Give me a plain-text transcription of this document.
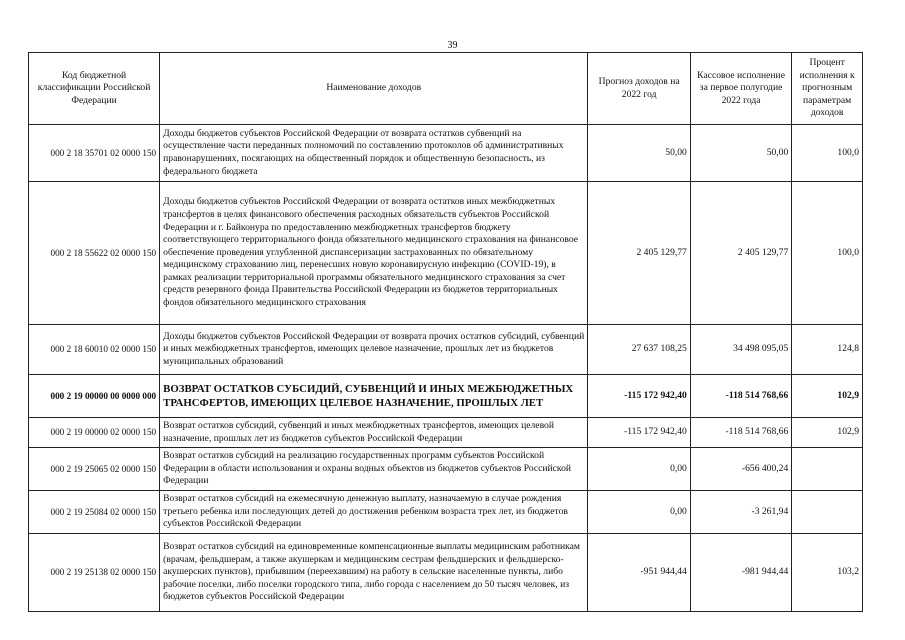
39
Код бюджетной классификации Российской Федерации	Наименование доходов	Прогноз доходов на 2022 год	Кассовое исполнение за первое полугодие 2022 года	Процент исполнения к прогнозным параметрам доходов
000 2 18 35701 02 0000 150	Доходы бюджетов субъектов Российской Федерации от возврата остатков субвенций на осуществление части переданных полномочий по составлению протоколов об административных правонарушениях, посягающих на общественный порядок и общественную безопасность, из федерального бюджета	50,00	50,00	100,0
000 2 18 55622 02 0000 150	Доходы бюджетов субъектов Российской Федерации от возврата остатков иных межбюджетных трансфертов в целях финансового обеспечения расходных обязательств субъектов Российской Федерации и г. Байконура по предоставлению межбюджетных трансфертов бюджету соответствующего территориального фонда обязательного медицинского страхования на финансовое обеспечение проведения углубленной диспансеризации застрахованных по обязательному медицинскому страхованию лиц, перенесших новую коронавирусную инфекцию (COVID-19), в рамках реализации территориальной программы обязательного медицинского страхования за счет средств резервного фонда Правительства Российской Федерации из бюджетов территориальных фондов обязательного медицинского страхования	2 405 129,77	2 405 129,77	100,0
000 2 18 60010 02 0000 150	Доходы бюджетов субъектов Российской Федерации от возврата прочих остатков субсидий, субвенций и иных межбюджетных трансфертов, имеющих целевое назначение, прошлых лет из бюджетов муниципальных образований	27 637 108,25	34 498 095,05	124,8
000 2 19 00000 00 0000 000	ВОЗВРАТ ОСТАТКОВ СУБСИДИЙ, СУБВЕНЦИЙ И ИНЫХ МЕЖБЮДЖЕТНЫХ ТРАНСФЕРТОВ, ИМЕЮЩИХ ЦЕЛЕВОЕ НАЗНАЧЕНИЕ, ПРОШЛЫХ ЛЕТ	-115 172 942,40	-118 514 768,66	102,9
000 2 19 00000 02 0000 150	Возврат остатков субсидий, субвенций и иных межбюджетных трансфертов, имеющих целевой назначение, прошлых лет из бюджетов субъектов Российской Федерации	-115 172 942,40	-118 514 768,66	102,9
000 2 19 25065 02 0000 150	Возврат остатков субсидий на реализацию государственных программ субъектов Российской Федерации в области использования и охраны водных объектов из бюджетов субъектов Российской Федерации	0,00	-656 400,24	
000 2 19 25084 02 0000 150	Возврат остатков субсидий на ежемесячную денежную выплату, назначаемую в случае рождения третьего ребенка или последующих детей до достижения ребенком возраста трех лет, из бюджетов субъектов Российской Федерации	0,00	-3 261,94	
000 2 19 25138 02 0000 150	Возврат остатков субсидий на единовременные компенсационные выплаты медицинским работникам (врачам, фельдшерам, а также акушеркам и медицинским сестрам фельдшерских и фельдшерско-акушерских пунктов), прибывшим (переехавшим) на работу в сельские населенные пункты, либо рабочие поселки, либо поселки городского типа, либо города с населением до 50 тысяч человек, из бюджетов субъектов Российской Федерации	-951 944,44	-981 944,44	103,2
